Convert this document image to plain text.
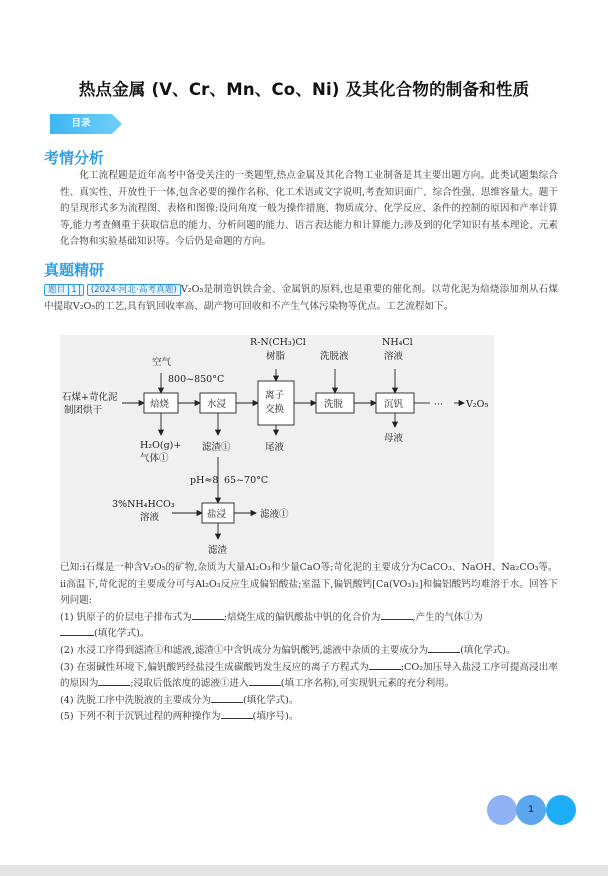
热点金属 (V、Cr、Mn、Co、Ni) 及其化合物的制备和性质
目录
考情分析

化工流程题是近年高考中备受关注的一类题型,热点金属及其化合物工业制备是其主要出题方向。此类试题集综合性、真实性、开放性于一体,包含必要的操作名称、化工术语或文字说明,考查知识面广、综合性强、思维容量大。题干的呈现形式多为流程图、表格和图像;设问角度一般为操作措施、物质成分、化学反应、条件的控制的原因和产率计算等,能力考查侧重于获取信息的能力、分析问题的能力、语言表达能力和计算能力;涉及到的化学知识有基本理论、元素化合物和实验基础知识等。今后仍是命题的方向。

真题精研

题目 1 (2024·河北·高考真题) V₂O₅是制造钒铁合金、金属钒的原料,也是重要的催化剂。以苛化泥为焙烧添加剂从石煤中提取V₂O₅的工艺,具有钒回收率高、副产物可回收和不产生气体污染物等优点。工艺流程如下。

石煤+苛化泥
制团烘干
空气
800~850°C
焙烧	水浸
R-N(CH₃)Cl
树脂
离子
交换
洗脱液
洗脱
NH₄Cl
溶液
沉钒	··· V₂O₅
H₂O(g)+
气体①
滤渣①	尾液
母液
pH≈8 65~70°C
3%NH₄HCO₃
溶液	盐浸	滤液①
滤渣

已知:ⅰ石煤是一种含V₂O₅的矿物,杂质为大量Al₂O₃和少量CaO等;苛化泥的主要成分为CaCO₃、NaOH、Na₂CO₃等。

ⅱ高温下,苛化泥的主要成分可与Al₂O₃反应生成偏铝酸盐;室温下,偏钒酸钙[Ca(VO₃)₂]和偏铝酸钙均难溶于水。回答下列问题:

(1) 钒原子的价层电子排布式为	;焙烧生成的偏钒酸盐中钒的化合价为	,产生的气体①为
(填化学式)。

(2) 水浸工序得到滤渣①和滤液,滤渣①中含钒成分为偏钒酸钙,滤液中杂质的主要成分为	(填化学式)。

(3) 在弱碱性环境下,偏钒酸钙经盐浸生成碳酸钙发生反应的离子方程式为	;CO₂加压导入盐浸工序可提高浸出率的原因为	;浸取后低浓度的滤液①进入	(填工序名称),可实现钒元素的充分利用。

(4) 洗脱工序中洗脱液的主要成分为	(填化学式)。

(5) 下列不利于沉钒过程的两种操作为	(填序号)。

1
